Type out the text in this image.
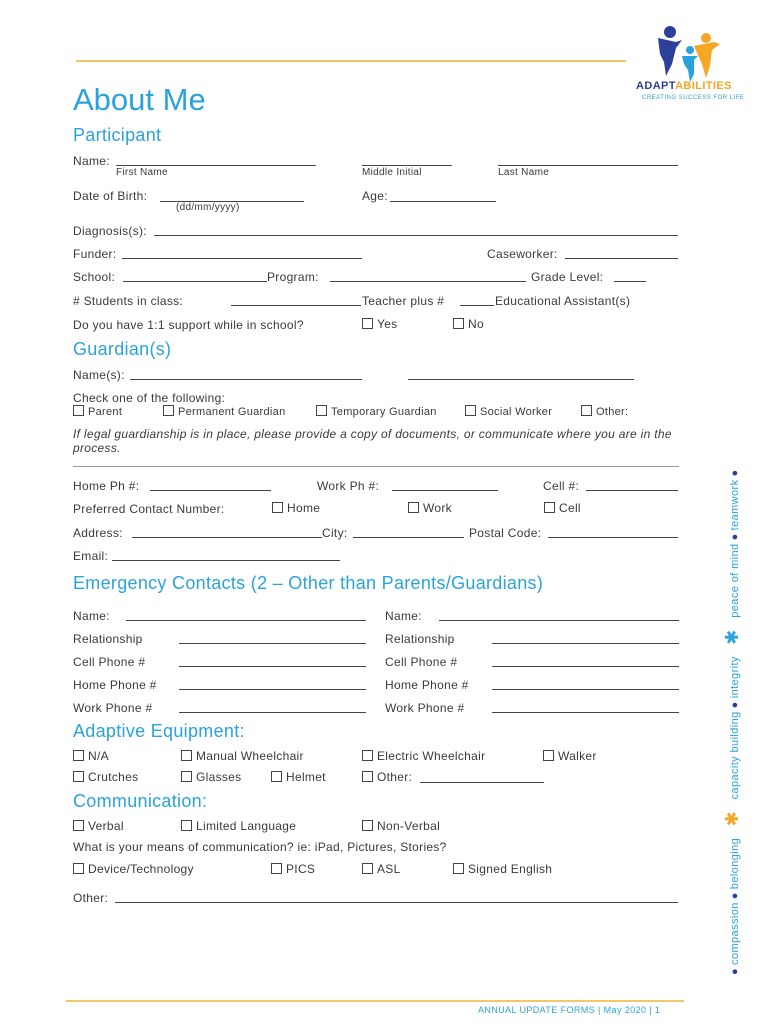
ADAPTABILITIES
CREATING SUCCESS FOR LIFE
About Me
Participant
Name:
First Name	Middle Initial	Last Name
Date of Birth:
(dd/mm/yyyy)
Age:
Diagnosis(s):
Funder:	Caseworker:
School:	Program:	Grade Level:
# Students in class:	Teacher plus #	Educational Assistant(s)
Do you have 1:1 support while in school?	Yes	No
Guardian(s)
Name(s):
Check one of the following:
Parent	Permanent Guardian	Temporary Guardian	Social Worker	Other:
If legal guardianship is in place, please provide a copy of documents, or communicate where you are in the process.
Home Ph #:	Work Ph #:	Cell #:
Preferred Contact Number:	Home	Work	Cell
Address:	City:	Postal Code:
Email:
Emergency Contacts (2 – Other than Parents/Guardians)
Name:	Name:
Relationship	Relationship
Cell Phone #	Cell Phone #
Home Phone #	Home Phone #
Work Phone #	Work Phone #
Adaptive Equipment:
N/A	Manual Wheelchair	Electric Wheelchair	Walker
Crutches	Glasses	Helmet	Other:
Communication:
Verbal	Limited Language	Non-Verbal
What is your means of communication? ie: iPad, Pictures, Stories?
Device/Technology	PICS	ASL	Signed English
Other:
●compassion●belonging ✱ capacity building●integrity ✱ peace of mind●teamwork●
ANNUAL UPDATE FORMS | May 2020 | 1
